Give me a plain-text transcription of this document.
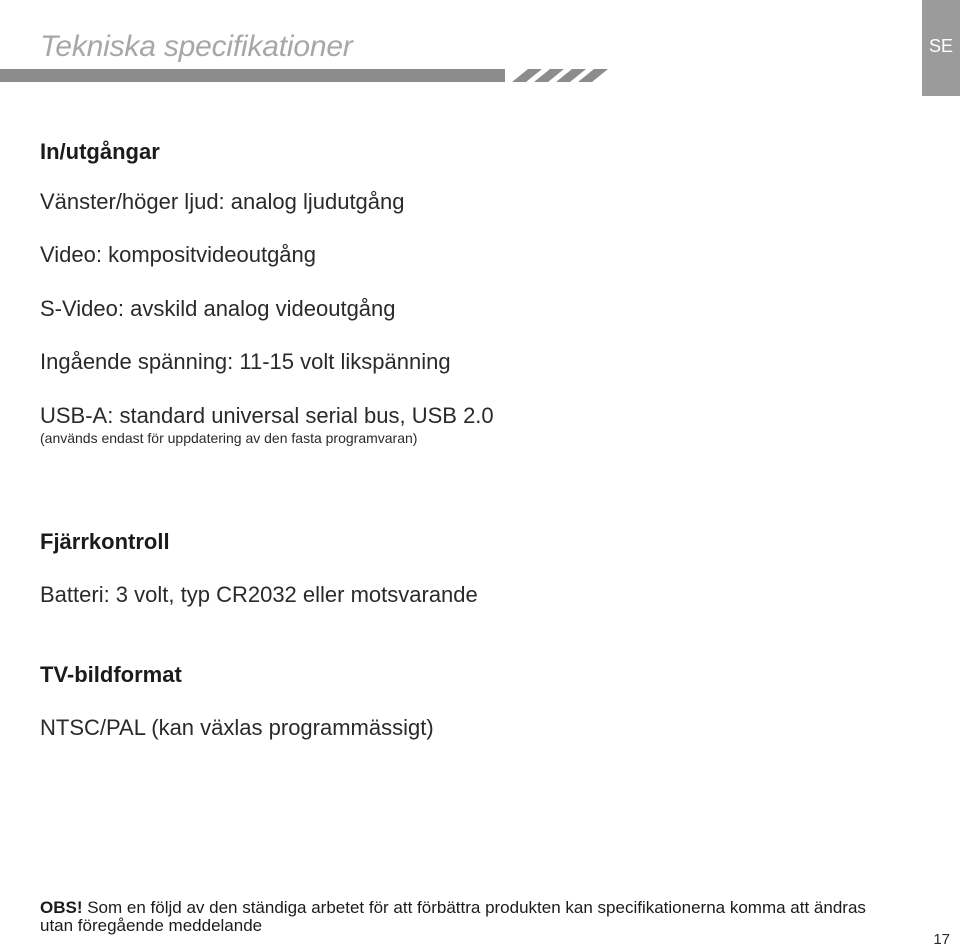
Tekniska specifikationer	SE
In/utgångar
Vänster/höger ljud: analog ljudutgång
Video: kompositvideoutgång
S-Video: avskild analog videoutgång
Ingående spänning: 11-15 volt likspänning
USB-A: standard universal serial bus, USB 2.0
(används endast för uppdatering av den fasta programvaran)
Fjärrkontroll
Batteri: 3 volt, typ CR2032 eller motsvarande
TV-bildformat
NTSC/PAL (kan växlas programmässigt)
OBS! Som en följd av den ständiga arbetet för att förbättra produkten kan specifikationerna komma att ändras utan föregående meddelande
17
